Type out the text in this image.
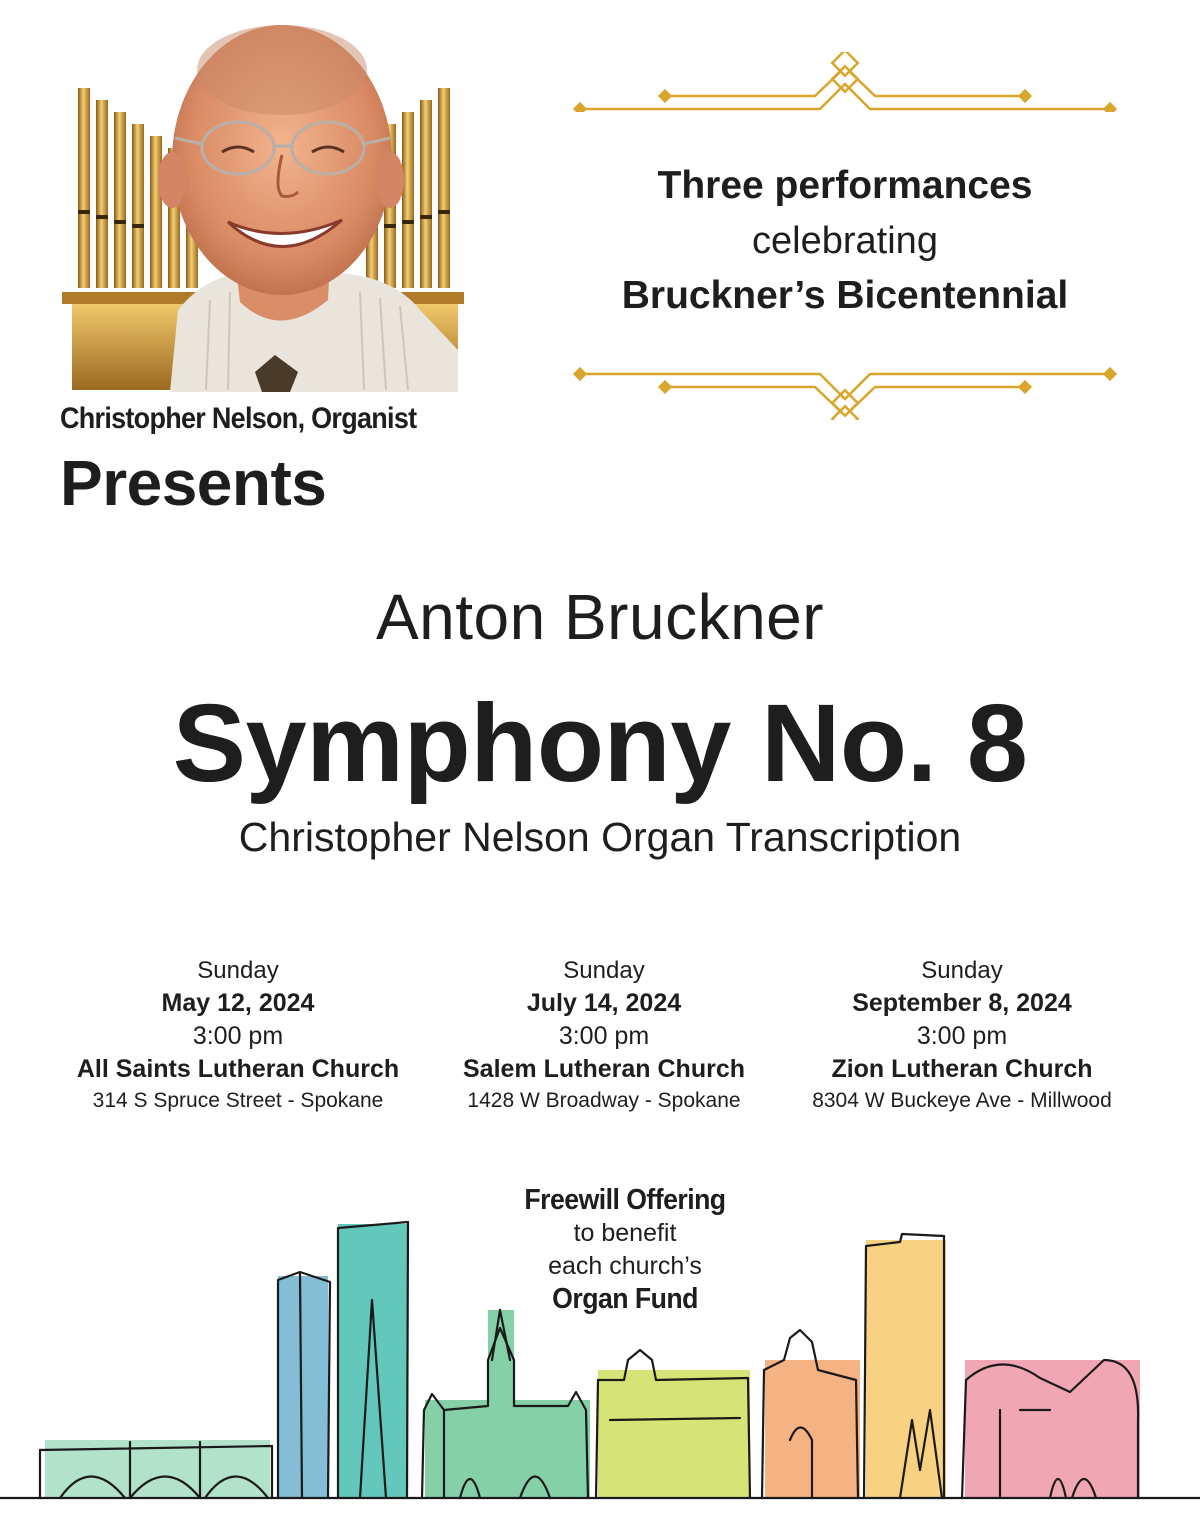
Christopher Nelson, Organist
Presents
Three performances
celebrating
Bruckner’s Bicentennial
Anton Bruckner
Symphony No. 8
Christopher Nelson Organ Transcription
Sunday
May 12, 2024
3:00 pm
All Saints Lutheran Church
314 S Spruce Street - Spokane
Sunday
July 14, 2024
3:00 pm
Salem Lutheran Church
1428 W Broadway - Spokane
Sunday
September 8, 2024
3:00 pm
Zion Lutheran Church
8304 W Buckeye Ave - Millwood
Freewill Offering
to benefit
each church’s
Organ Fund
